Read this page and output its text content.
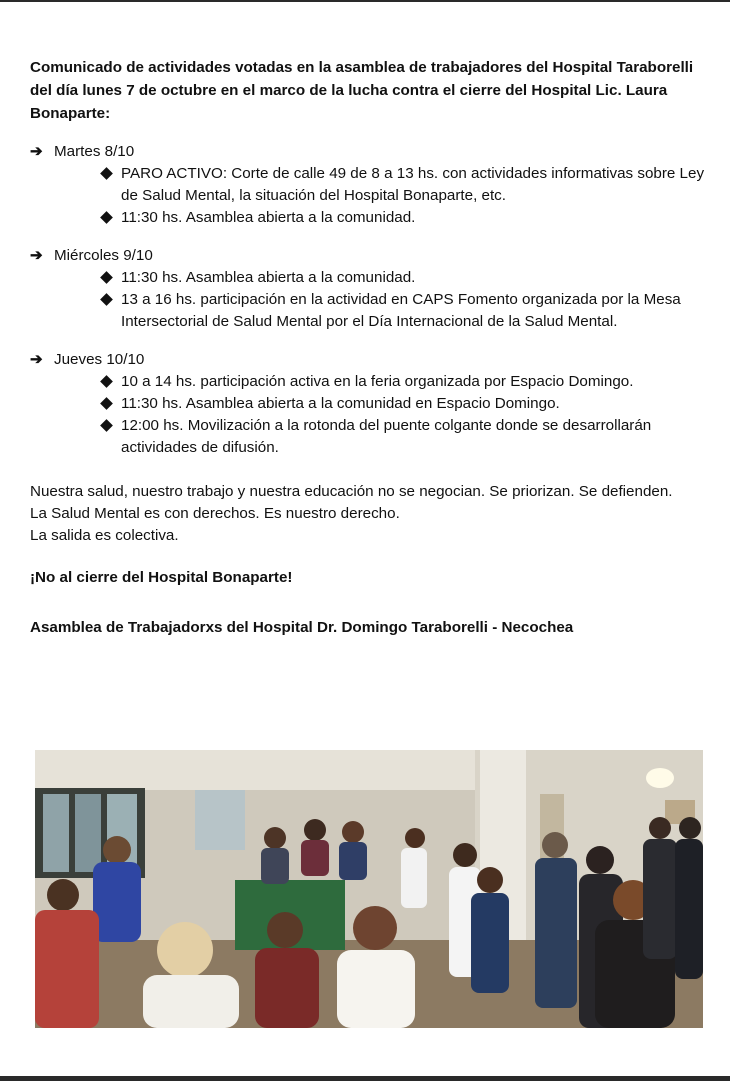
Comunicado de actividades votadas en la asamblea de trabajadores del Hospital Taraborelli del día lunes 7 de octubre en el marco de la lucha contra el cierre del Hospital Lic. Laura Bonaparte:

➔ Martes 8/10
PARO ACTIVO: Corte de calle 49 de 8 a 13 hs. con actividades informativas sobre Ley de Salud Mental, la situación del Hospital Bonaparte, etc.
11:30 hs. Asamblea abierta a la comunidad.
➔ Miércoles 9/10
11:30 hs. Asamblea abierta a la comunidad.
13 a 16 hs. participación en la actividad en CAPS Fomento organizada por la Mesa Intersectorial de Salud Mental por el Día Internacional de la Salud Mental.
➔ Jueves 10/10
10 a 14 hs. participación activa en la feria organizada por Espacio Domingo.
11:30 hs. Asamblea abierta a la comunidad en Espacio Domingo.
12:00 hs. Movilización a la rotonda del puente colgante donde se desarrollarán actividades de difusión.

Nuestra salud, nuestro trabajo y nuestra educación no se negocian. Se priorizan. Se defienden.

La Salud Mental es con derechos. Es nuestro derecho.

La salida es colectiva.

¡No al cierre del Hospital Bonaparte!

Asamblea de Trabajadorxs del Hospital Dr. Domingo Taraborelli - Necochea
